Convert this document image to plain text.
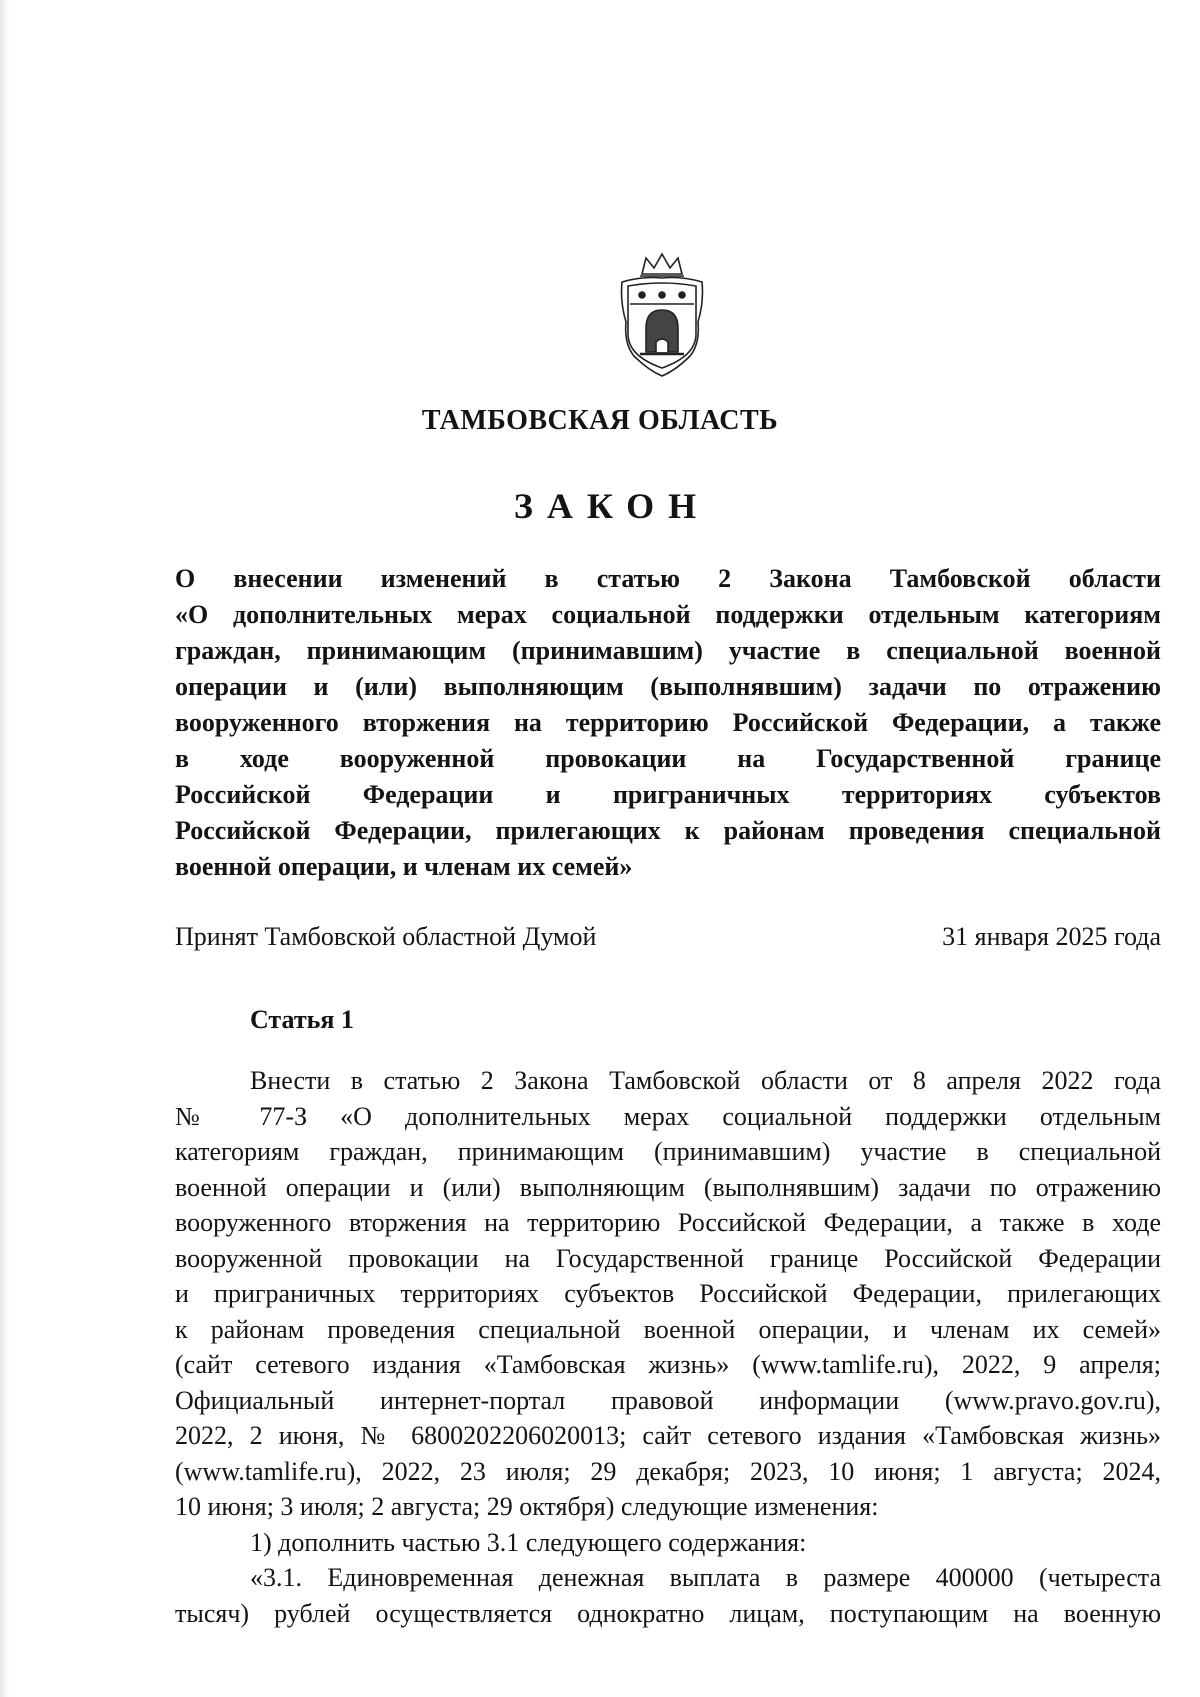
ТАМБОВСКАЯ ОБЛАСТЬ
ЗАКОН
О внесении изменений в статью 2 Закона Тамбовской области
«О дополнительных мерах социальной поддержки отдельным категориям
граждан, принимающим (принимавшим) участие в специальной военной
операции и (или) выполняющим (выполнявшим) задачи по отражению
вооруженного вторжения на территорию Российской Федерации, а также
в ходе вооруженной провокации на Государственной границе
Российской Федерации и приграничных территориях субъектов
Российской Федерации, прилегающих к районам проведения специальной
военной операции, и членам их семей»
Принят Тамбовской областной Думой	31 января 2025 года
Статья 1
Внести в статью 2 Закона Тамбовской области от 8 апреля 2022 года
№ 77-З «О дополнительных мерах социальной поддержки отдельным
категориям граждан, принимающим (принимавшим) участие в специальной
военной операции и (или) выполняющим (выполнявшим) задачи по отражению
вооруженного вторжения на территорию Российской Федерации, а также в ходе
вооруженной провокации на Государственной границе Российской Федерации
и приграничных территориях субъектов Российской Федерации, прилегающих
к районам проведения специальной военной операции, и членам их семей»
(сайт сетевого издания «Тамбовская жизнь» (www.tamlife.ru), 2022, 9 апреля;
Официальный интернет-портал правовой информации (www.pravo.gov.ru),
2022, 2 июня, № 6800202206020013; сайт сетевого издания «Тамбовская жизнь»
(www.tamlife.ru), 2022, 23 июля; 29 декабря; 2023, 10 июня; 1 августа; 2024,
10 июня; 3 июля; 2 августа; 29 октября) следующие изменения:
1) дополнить частью 3.1 следующего содержания:
«3.1. Единовременная денежная выплата в размере 400000 (четыреста
тысяч) рублей осуществляется однократно лицам, поступающим на военную
